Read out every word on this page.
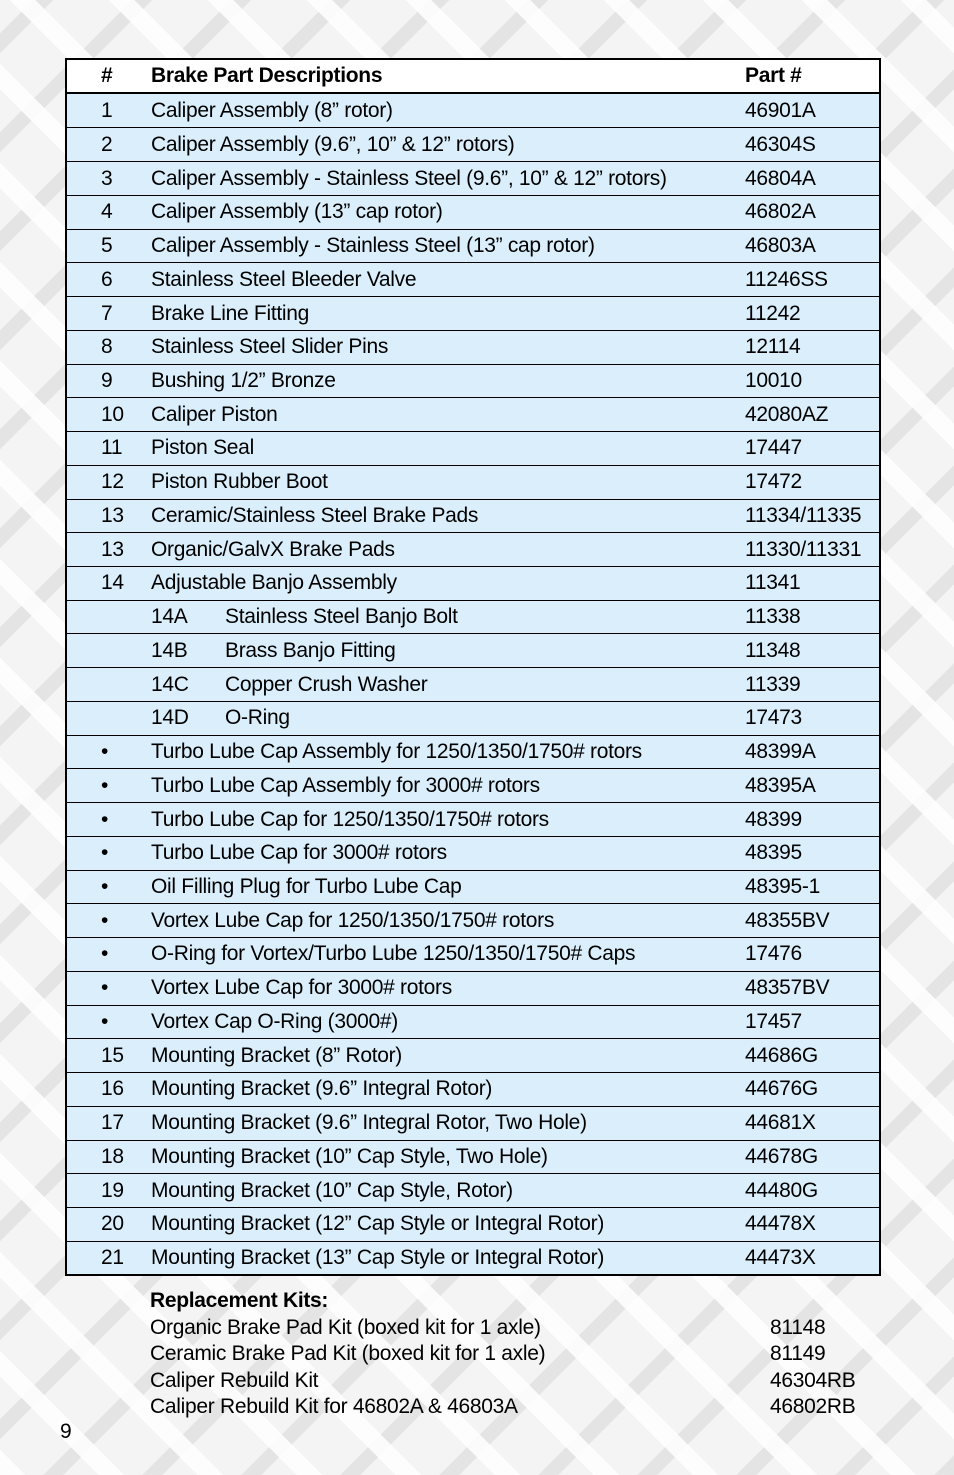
#	Brake Part Descriptions	Part #
1	Caliper Assembly (8” rotor)	46901A
2	Caliper Assembly (9.6”, 10” & 12” rotors)	46304S
3	Caliper Assembly - Stainless Steel (9.6”, 10” & 12” rotors)	46804A
4	Caliper Assembly (13” cap rotor)	46802A
5	Caliper Assembly - Stainless Steel (13” cap rotor)	46803A
6	Stainless Steel Bleeder Valve	11246SS
7	Brake Line Fitting	11242
8	Stainless Steel Slider Pins	12114
9	Bushing 1/2” Bronze	10010
10	Caliper Piston	42080AZ
11	Piston Seal	17447
12	Piston Rubber Boot	17472
13	Ceramic/Stainless Steel Brake Pads	11334/11335
13	Organic/GalvX Brake Pads	11330/11331
14	Adjustable Banjo Assembly	11341
14A Stainless Steel Banjo Bolt	11338
14B Brass Banjo Fitting	11348
14C Copper Crush Washer	11339
14D O-Ring	17473
•	Turbo Lube Cap Assembly for 1250/1350/1750# rotors	48399A
•	Turbo Lube Cap Assembly for 3000# rotors	48395A
•	Turbo Lube Cap for 1250/1350/1750# rotors	48399
•	Turbo Lube Cap for 3000# rotors	48395
•	Oil Filling Plug for Turbo Lube Cap	48395-1
•	Vortex Lube Cap for 1250/1350/1750# rotors	48355BV
•	O-Ring for Vortex/Turbo Lube 1250/1350/1750# Caps	17476
•	Vortex Lube Cap for 3000# rotors	48357BV
•	Vortex Cap O-Ring (3000#)	17457
15	Mounting Bracket (8” Rotor)	44686G
16	Mounting Bracket (9.6” Integral Rotor)	44676G
17	Mounting Bracket (9.6” Integral Rotor, Two Hole)	44681X
18	Mounting Bracket (10” Cap Style, Two Hole)	44678G
19	Mounting Bracket (10” Cap Style, Rotor)	44480G
20	Mounting Bracket (12” Cap Style or Integral Rotor)	44478X
21	Mounting Bracket (13” Cap Style or Integral Rotor)	44473X
Replacement Kits:
Organic Brake Pad Kit (boxed kit for 1 axle)	81148
Ceramic Brake Pad Kit (boxed kit for 1 axle)	81149
Caliper Rebuild Kit	46304RB
Caliper Rebuild Kit for 46802A & 46803A	46802RB
9
